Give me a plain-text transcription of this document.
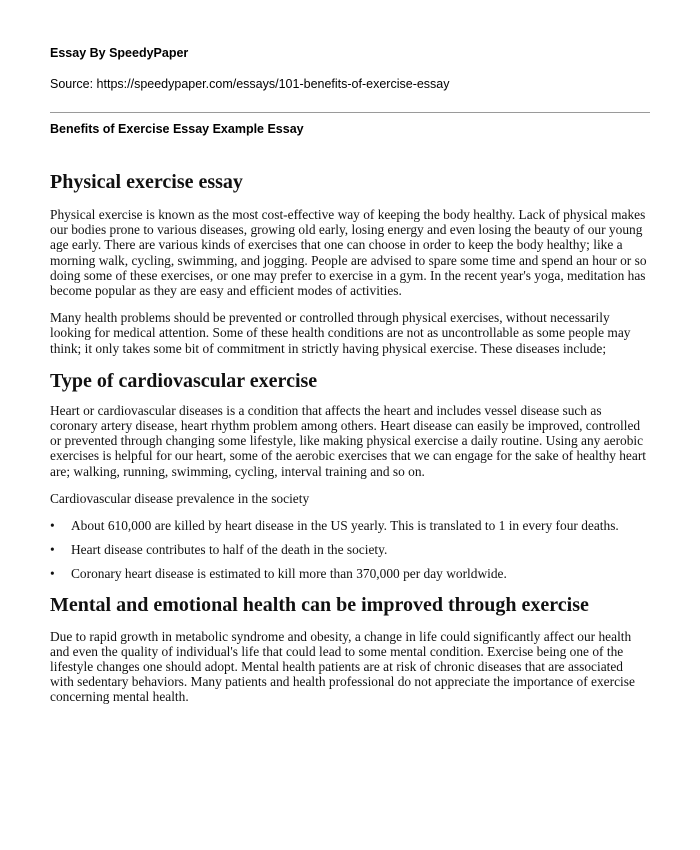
Essay By SpeedyPaper
Source: https://speedypaper.com/essays/101-benefits-of-exercise-essay
Benefits of Exercise Essay Example Essay
Physical exercise essay

Physical exercise is known as the most cost-effective way of keeping the body healthy. Lack of physical makes our bodies prone to various diseases, growing old early, losing energy and even losing the beauty of our young age early. There are various kinds of exercises that one can choose in order to keep the body healthy; like a morning walk, cycling, swimming, and jogging. People are advised to spare some time and spend an hour or so doing some of these exercises, or one may prefer to exercise in a gym. In the recent year's yoga, meditation has become popular as they are easy and efficient modes of activities.

Many health problems should be prevented or controlled through physical exercises, without necessarily looking for medical attention. Some of these health conditions are not as uncontrollable as some people may think; it only takes some bit of commitment in strictly having physical exercise. These diseases include;

Type of cardiovascular exercise

Heart or cardiovascular diseases is a condition that affects the heart and includes vessel disease such as coronary artery disease, heart rhythm problem among others. Heart disease can easily be improved, controlled or prevented through changing some lifestyle, like making physical exercise a daily routine. Using any aerobic exercises is helpful for our heart, some of the aerobic exercises that we can engage for the sake of healthy heart are; walking, running, swimming, cycling, interval training and so on.

Cardiovascular disease prevalence in the society

• About 610,000 are killed by heart disease in the US yearly. This is translated to 1 in every four deaths.
• Heart disease contributes to half of the death in the society.
• Coronary heart disease is estimated to kill more than 370,000 per day worldwide.
Mental and emotional health can be improved through exercise

Due to rapid growth in metabolic syndrome and obesity, a change in life could significantly affect our health and even the quality of individual's life that could lead to some mental condition. Exercise being one of the lifestyle changes one should adopt. Mental health patients are at risk of chronic diseases that are associated with sedentary behaviors. Many patients and health professional do not appreciate the importance of exercise concerning mental health.
